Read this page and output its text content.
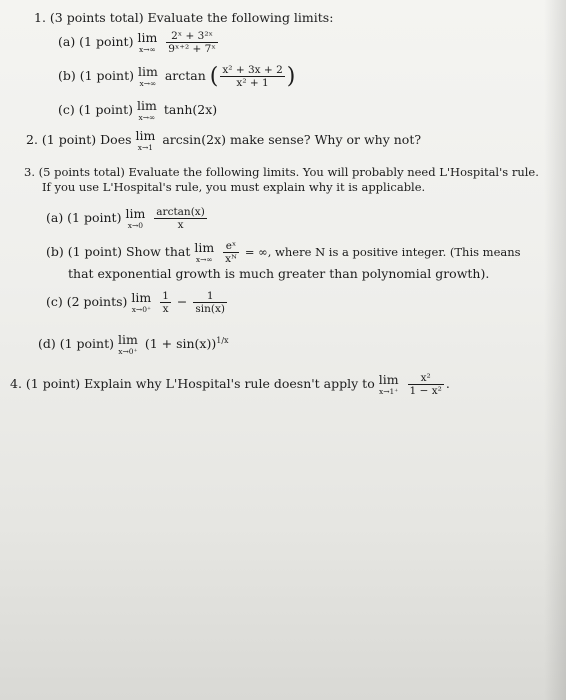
1. (3 points total) Evaluate the following limits:
(a) (1 point) lim
x→∞
$\frac{\text{2ˣ + 3²ˣ}}{\text{9ˣ⁺² + 7ˣ}}$
(b) (1 point) lim
x→∞ arctan ( $\frac{\text{x² + 3x + 2}}{\text{x² + 1}}$ )
(c) (1 point) lim
x→∞ tanh(2x)
2. (1 point) Does lim
x→1 arcsin(2x) make sense? Why or why not?
3. (5 points total) Evaluate the following limits. You will probably need L'Hospital's rule.
If you use L'Hospital's rule, you must explain why it is applicable.
(a) (1 point) lim
x→0
$\frac{\arctan(x)}{x}$
(b) (1 point) Show that lim
x→∞
$\frac{\text{eˣ}}{\text{xᴺ}}$ = ∞, where N is a positive integer. (This means
that exponential growth is much greater than polynomial growth).
(c) (2 points) lim
x→0⁺
$\frac{1}{x} - \frac{1}{\sin(x)}$
(d) (1 point) lim
x→0⁺ $(1 + \sin(x))^{1/x}$
4. (1 point) Explain why L'Hospital's rule doesn't apply to lim
x→1⁺
$\frac{\text{x²}}{\text{1 − x²}}$ .
